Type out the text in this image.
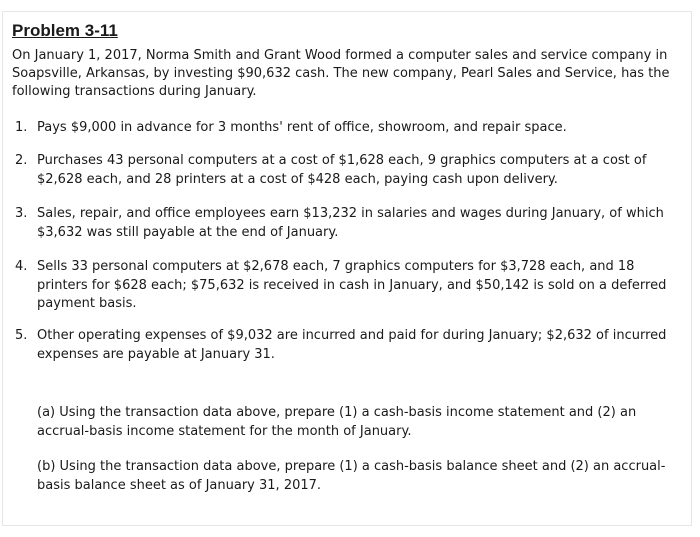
Problem 3-11
On January 1, 2017, Norma Smith and Grant Wood formed a computer sales and service company in Soapsville, Arkansas, by investing $90,632 cash. The new company, Pearl Sales and Service, has the following transactions during January.
1. Pays $9,000 in advance for 3 months' rent of office, showroom, and repair space.
2. Purchases 43 personal computers at a cost of $1,628 each, 9 graphics computers at a cost of $2,628 each, and 28 printers at a cost of $428 each, paying cash upon delivery.
3. Sales, repair, and office employees earn $13,232 in salaries and wages during January, of which $3,632 was still payable at the end of January.
4. Sells 33 personal computers at $2,678 each, 7 graphics computers for $3,728 each, and 18 printers for $628 each; $75,632 is received in cash in January, and $50,142 is sold on a deferred payment basis.
5. Other operating expenses of $9,032 are incurred and paid for during January; $2,632 of incurred expenses are payable at January 31.
(a) Using the transaction data above, prepare (1) a cash-basis income statement and (2) an accrual-basis income statement for the month of January.
(b) Using the transaction data above, prepare (1) a cash-basis balance sheet and (2) an accrual-basis balance sheet as of January 31, 2017.
